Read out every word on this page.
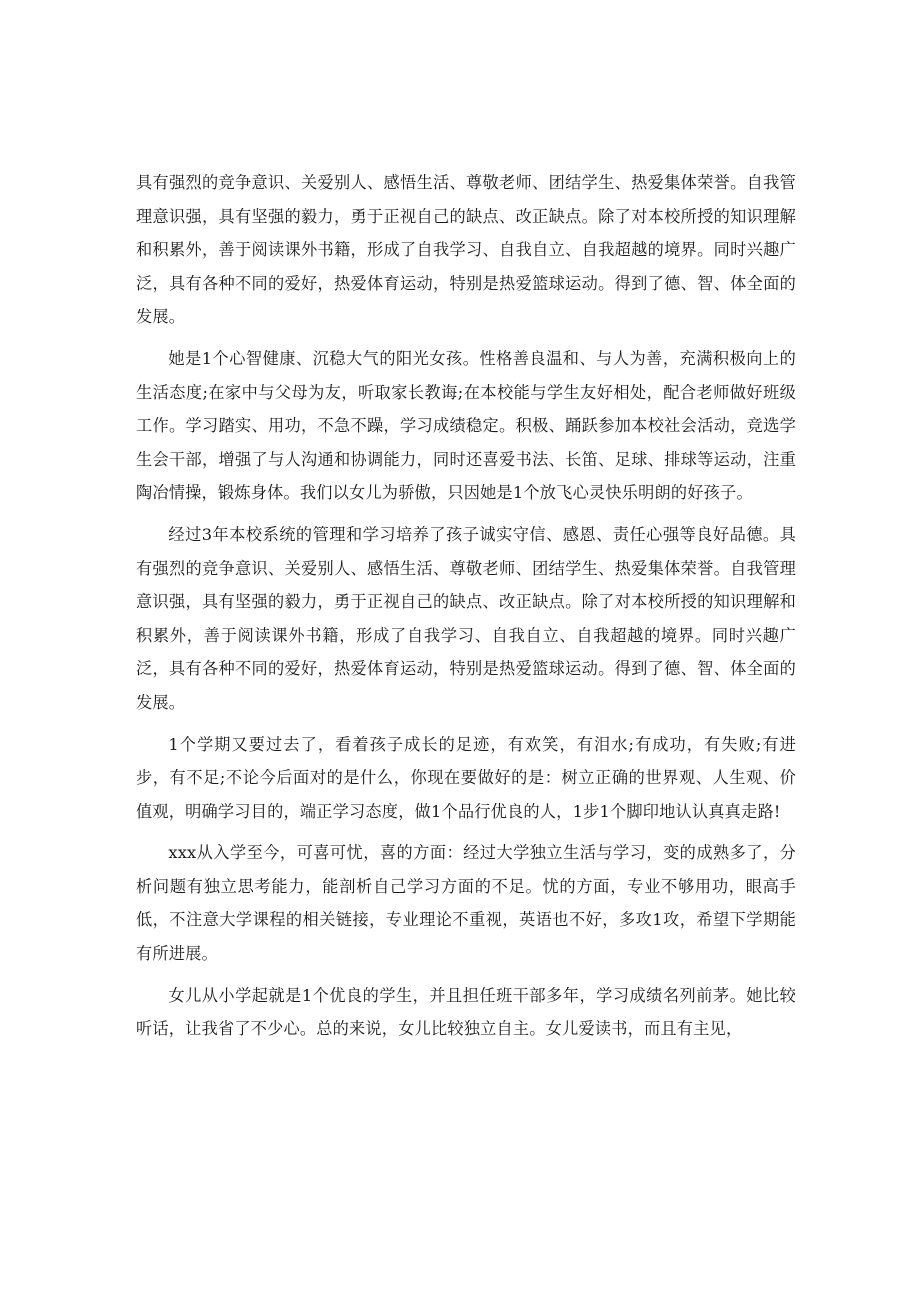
具有强烈的竞争意识、关爱别人、感悟生活、尊敬老师、团结学生、热爱集体荣誉。自我管理意识强，具有坚强的毅力，勇于正视自己的缺点、改正缺点。除了对本校所授的知识理解和积累外，善于阅读课外书籍，形成了自我学习、自我自立、自我超越的境界。同时兴趣广泛，具有各种不同的爱好，热爱体育运动，特别是热爱篮球运动。得到了德、智、体全面的发展。

她是1个心智健康、沉稳大气的阳光女孩。性格善良温和、与人为善，充满积极向上的生活态度;在家中与父母为友，听取家长教诲;在本校能与学生友好相处，配合老师做好班级工作。学习踏实、用功，不急不躁，学习成绩稳定。积极、踊跃参加本校社会活动，竞选学生会干部，增强了与人沟通和协调能力，同时还喜爱书法、长笛、足球、排球等运动，注重陶冶情操，锻炼身体。我们以女儿为骄傲，只因她是1个放飞心灵快乐明朗的好孩子。

经过3年本校系统的管理和学习培养了孩子诚实守信、感恩、责任心强等良好品德。具有强烈的竞争意识、关爱别人、感悟生活、尊敬老师、团结学生、热爱集体荣誉。自我管理意识强，具有坚强的毅力，勇于正视自己的缺点、改正缺点。除了对本校所授的知识理解和积累外，善于阅读课外书籍，形成了自我学习、自我自立、自我超越的境界。同时兴趣广泛，具有各种不同的爱好，热爱体育运动，特别是热爱篮球运动。得到了德、智、体全面的发展。

1个学期又要过去了，看着孩子成长的足迹，有欢笑，有泪水;有成功，有失败;有进步，有不足;不论今后面对的是什么，你现在要做好的是：树立正确的世界观、人生观、价值观，明确学习目的，端正学习态度，做1个品行优良的人，1步1个脚印地认认真真走路!

xxx从入学至今，可喜可忧，喜的方面：经过大学独立生活与学习，变的成熟多了，分析问题有独立思考能力，能剖析自己学习方面的不足。忧的方面，专业不够用功，眼高手低，不注意大学课程的相关链接，专业理论不重视，英语也不好，多攻1攻，希望下学期能有所进展。

女儿从小学起就是1个优良的学生，并且担任班干部多年，学习成绩名列前茅。她比较听话，让我省了不少心。总的来说，女儿比较独立自主。女儿爱读书，而且有主见，
